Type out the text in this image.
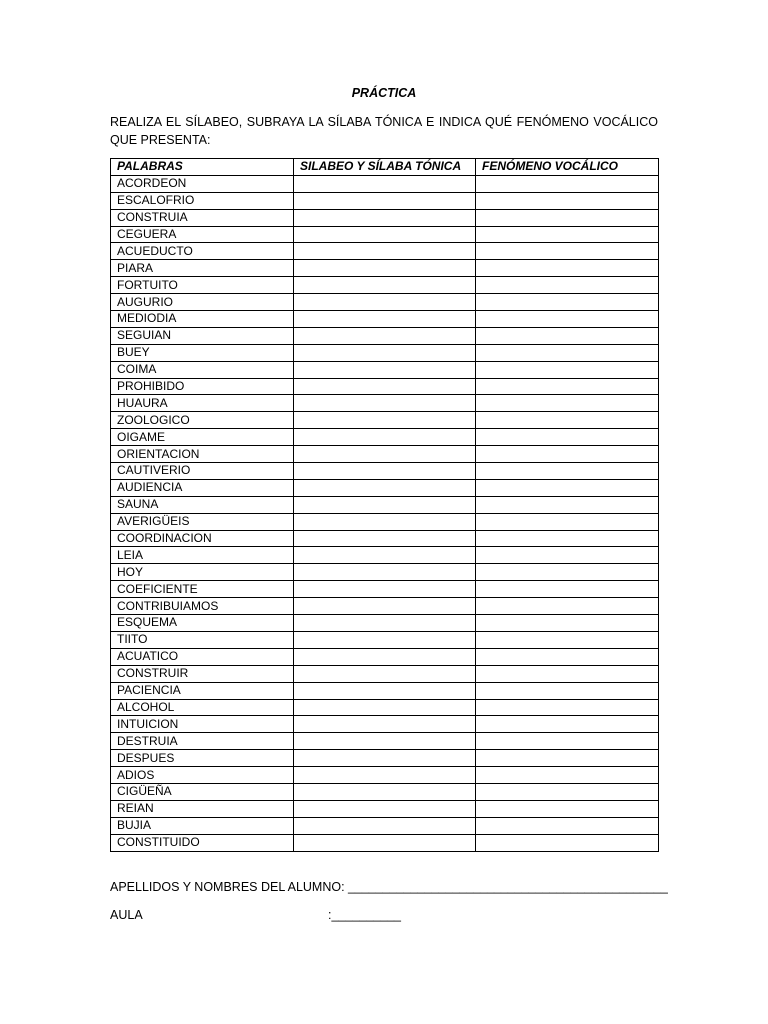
PRÁCTICA
REALIZA EL SÍLABEO, SUBRAYA LA SÍLABA TÓNICA E INDICA QUÉ FENÓMENO VOCÁLICO QUE PRESENTA:
PALABRAS	SILABEO Y SÍLABA TÓNICA	FENÓMENO VOCÁLICO
ACORDEON		
ESCALOFRIO		
CONSTRUIA		
CEGUERA		
ACUEDUCTO		
PIARA		
FORTUITO		
AUGURIO		
MEDIODIA		
SEGUIAN		
BUEY		
COIMA		
PROHIBIDO		
HUAURA		
ZOOLOGICO		
OIGAME		
ORIENTACION		
CAUTIVERIO		
AUDIENCIA		
SAUNA		
AVERIGÜEIS		
COORDINACION		
LEIA		
HOY		
COEFICIENTE		
CONTRIBUIAMOS		
ESQUEMA		
TIITO		
ACUATICO		
CONSTRUIR		
PACIENCIA		
ALCOHOL		
INTUICION		
DESTRUIA		
DESPUES		
ADIOS		
CIGÜEÑA		
REIAN		
BUJIA		
CONSTITUIDO		
APELLIDOS Y NOMBRES DEL ALUMNO: ______________________________________________
AULA	:__________
